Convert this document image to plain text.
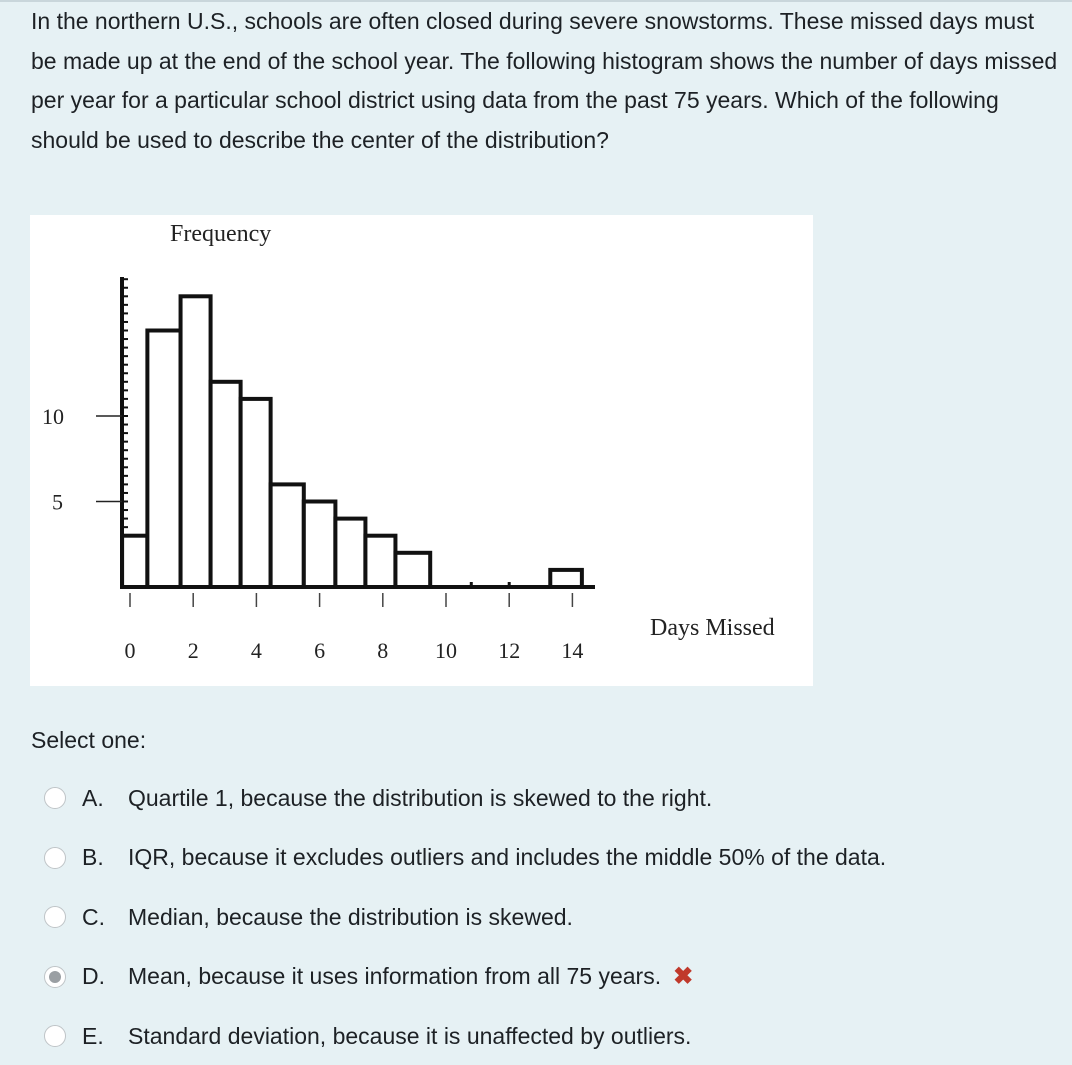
In the northern U.S., schools are often closed during severe snowstorms. These missed days must be made up at the end of the school year. The following histogram shows the number of days missed per year for a particular school district using data from the past 75 years. Which of the following should be used to describe the center of the distribution?
Frequency
Days Missed
5
10
0 2 4 6 8 10 12 14
Select one:
A.	Quartile 1, because the distribution is skewed to the right.
B.	IQR, because it excludes outliers and includes the middle 50% of the data.
C.	Median, because the distribution is skewed.
D.	Mean, because it uses information from all 75 years. ✖
E.	Standard deviation, because it is unaffected by outliers.
